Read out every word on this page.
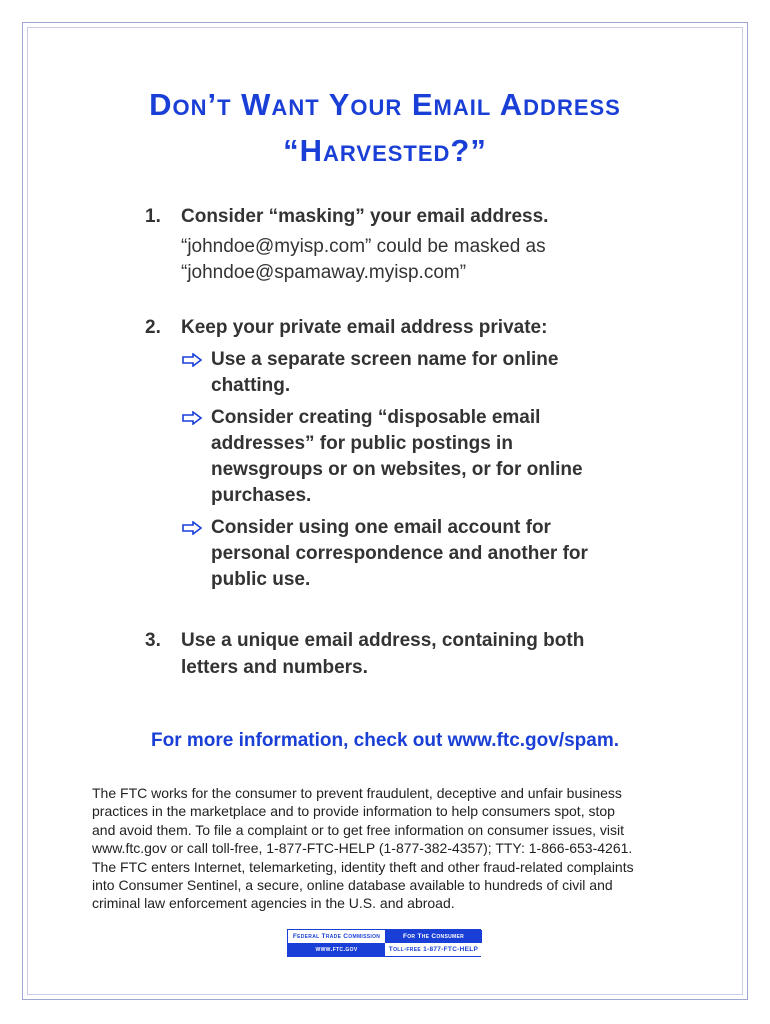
Don’t Want Your Email Address
“Harvested?”
1. Consider “masking” your email address.
“johndoe@myisp.com” could be masked as
“johndoe@spamaway.myisp.com”
2. Keep your private email address private:
Use a separate screen name for online
chatting.
Consider creating “disposable email
addresses” for public postings in
newsgroups or on websites, or for online
purchases.
Consider using one email account for
personal correspondence and another for
public use.
3. Use a unique email address, containing both
letters and numbers.
For more information, check out www.ftc.gov/spam.
The FTC works for the consumer to prevent fraudulent, deceptive and unfair business
practices in the marketplace and to provide information to help consumers spot, stop
and avoid them. To file a complaint or to get free information on consumer issues, visit
www.ftc.gov or call toll-free, 1-877-FTC-HELP (1-877-382-4357); TTY: 1-866-653-4261.
The FTC enters Internet, telemarketing, identity theft and other fraud-related complaints
into Consumer Sentinel, a secure, online database available to hundreds of civil and
criminal law enforcement agencies in the U.S. and abroad.
Federal Trade Commission	For The Consumer
www.ftc.gov	Toll-free 1-877-FTC-HELP
